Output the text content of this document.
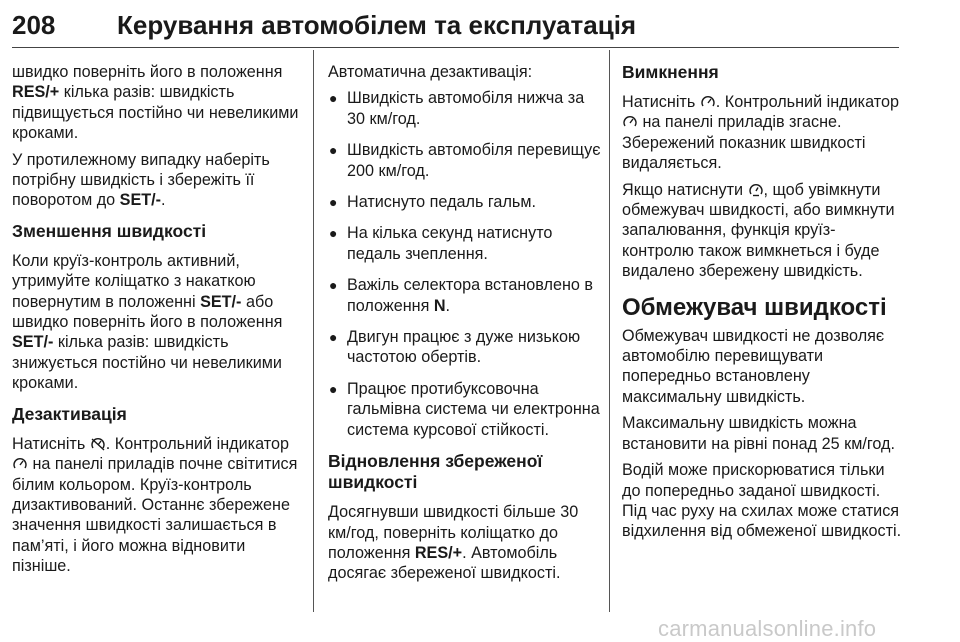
208 Керування автомобілем та експлуатація

швидко поверніть його в положення RES/+ кілька разів: швидкість підвищується постійно чи невеликими кроками.

У протилежному випадку наберіть потрібну швидкість і збережіть її поворотом до SET/-.

Зменшення швидкості

Коли круїз-контроль активний, утримуйте коліщатко з накаткою повернутим в положенні SET/- або швидко поверніть його в положення SET/- кілька разів: швидкість знижується постійно чи невеликими кроками.

Дезактивація

Натисніть . Контрольний індикатор  на панелі приладів почне світитися білим кольором. Круїз-контроль дизактивований. Останнє збережене значення швидкості залишається в пам’яті, і його можна відновити пізніше.

Автоматична дезактивація:

● Швидкість автомобіля нижча за 30 км/год.
● Швидкість автомобіля перевищує 200 км/год.
● Натиснуто педаль гальм.
● На кілька секунд натиснуто педаль зчеплення.
● Важіль селектора встановлено в положення N.
● Двигун працює з дуже низькою частотою обертів.
● Працює протибуксовочна гальмівна система чи електронна система курсової стійкості.
Відновлення збереженої швидкості

Досягнувши швидкості більше 30 км/год, поверніть коліщатко до положення RES/+. Автомобіль досягає збереженої швидкості.

Вимкнення

Натисніть . Контрольний індикатор  на панелі приладів згасне. Збережений показник швидкості видаляється.

Якщо натиснути , щоб увімкнути обмежувач швидкості, або вимкнути запалювання, функція круїз-контролю також вимкнеться і буде видалено збережену швидкість.

Обмежувач швидкості

Обмежувач швидкості не дозволяє автомобілю перевищувати попередньо встановлену максимальну швидкість.

Максимальну швидкість можна встановити на рівні понад 25 км/год.

Водій може прискорюватися тільки до попередньо заданої швидкості. Під час руху на схилах може статися відхилення від обмеженої швидкості.

carmanualsonline.info
